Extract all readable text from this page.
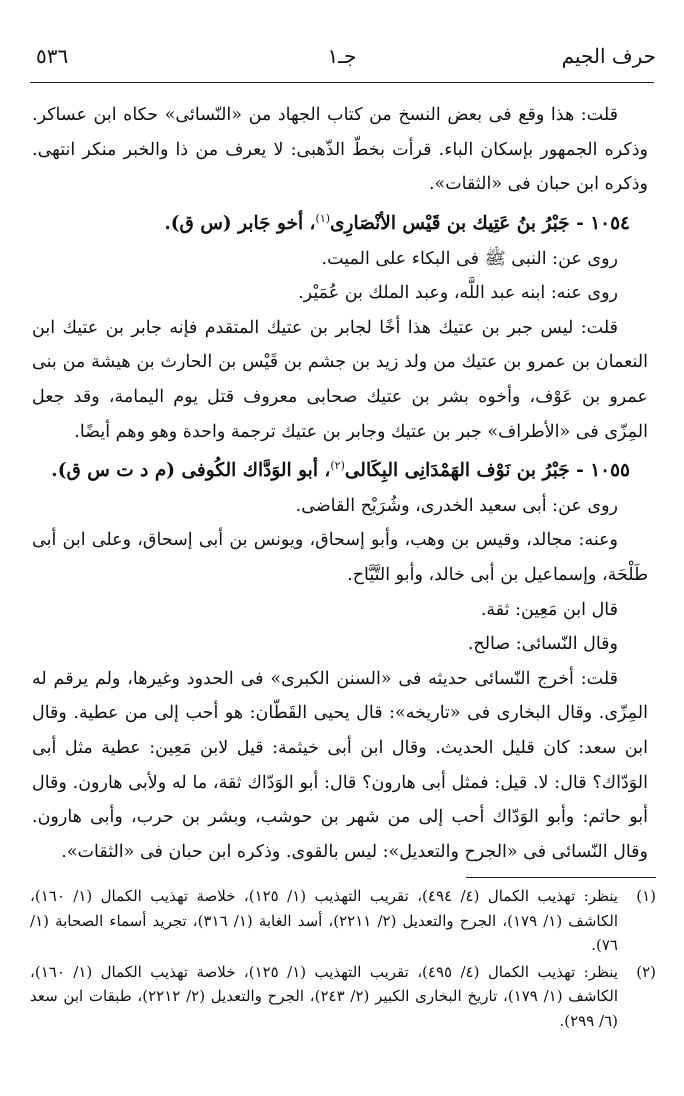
٥٣٦	جـ١	حرف الجيم

قلت: هذا وقع فى بعض النسخ من كتاب الجهاد من «النّسائى» حكاه ابن عساكر. وذكره الجمهور بإسكان الباء. قرأت بخطّ الذّهبى: لا يعرف من ذا والخبر منكر انتهى. وذكره ابن حبان فى «الثقات».

١٠٥٤ - جَبْرُ بنُ عَتِيك بن قَيْس الأنْصَارِى$^{(١)}$، أخو جَابر (س ق).

روى عن: النبى ﷺ فى البكاء على الميت.

روى عنه: ابنه عبد اللَّه، وعبد الملك بن عُمَيْر.

قلت: ليس جبر بن عتيك هذا أخًا لجابر بن عتيك المتقدم فإنه جابر بن عتيك ابن النعمان بن عمرو بن عتيك من ولد زيد بن جشم بن قَيْس بن الحارث بن هيشة من بنى عمرو بن عَوْف، وأخوه بشر بن عتيك صحابى معروف قتل يوم اليمامة، وقد جعل المِزّى فى «الأطراف» جبر بن عتيك وجابر بن عتيك ترجمة واحدة وهو وهم أيضًا.

١٠٥٥ - جَبْرُ بن نَوْف الهَمْدَانِى البِكَالى$^{(٢)}$، أبو الوَدَّاك الكُوفى (م د ت س ق).

روى عن: أبى سعيد الخدرى، وشُرَيْح القاضى.

وعنه: مجالد، وقيس بن وهب، وأبو إسحاق، ويونس بن أبى إسحاق، وعلى ابن أبى طَلْحَة، وإسماعيل بن أبى خالد، وأبو التَّيَّاح.

قال ابن مَعِين: ثقة.

وقال النّسائى: صالح.

قلت: أخرج النّسائى حديثه فى «السنن الكبرى» فى الحدود وغيرها، ولم يرقم له المِزّى. وقال البخارى فى «تاريخه»: قال يحيى القَطّان: هو أحب إلى من عطية. وقال ابن سعد: كان قليل الحديث. وقال ابن أبى خيثمة: قيل لابن مَعِين: عطية مثل أبى الوَدّاك؟ قال: لا. قيل: فمثل أبى هارون؟ قال: أبو الوَدّاك ثقة، ما له ولأبى هارون. وقال أبو حاتم: وأبو الوَدّاك أحب إلى من شهر بن حوشب، وبشر بن حرب، وأبى هارون. وقال النّسائى فى «الجرح والتعديل»: ليس بالقوى. وذكره ابن حبان فى «الثقات».

(١)
ينظر: تهذيب الكمال (٤/ ٤٩٤)، تقريب التهذيب (١/ ١٢٥)، خلاصة تهذيب الكمال (١/ ١٦٠)، الكاشف (١/ ١٧٩)، الجرح والتعديل (٢/ ٢٢١١)، أسد الغابة (١/ ٣١٦)، تجريد أسماء الصحابة (١/ ٧٦).
(٢)
ينظر: تهذيب الكمال (٤/ ٤٩٥)، تقريب التهذيب (١/ ١٢٥)، خلاصة تهذيب الكمال (١/ ١٦٠)، الكاشف (١/ ١٧٩)، تاريخ البخارى الكبير (٢/ ٢٤٣)، الجرح والتعديل (٢/ ٢٢١٢)، طبقات ابن سعد (٦/ ٢٩٩).
